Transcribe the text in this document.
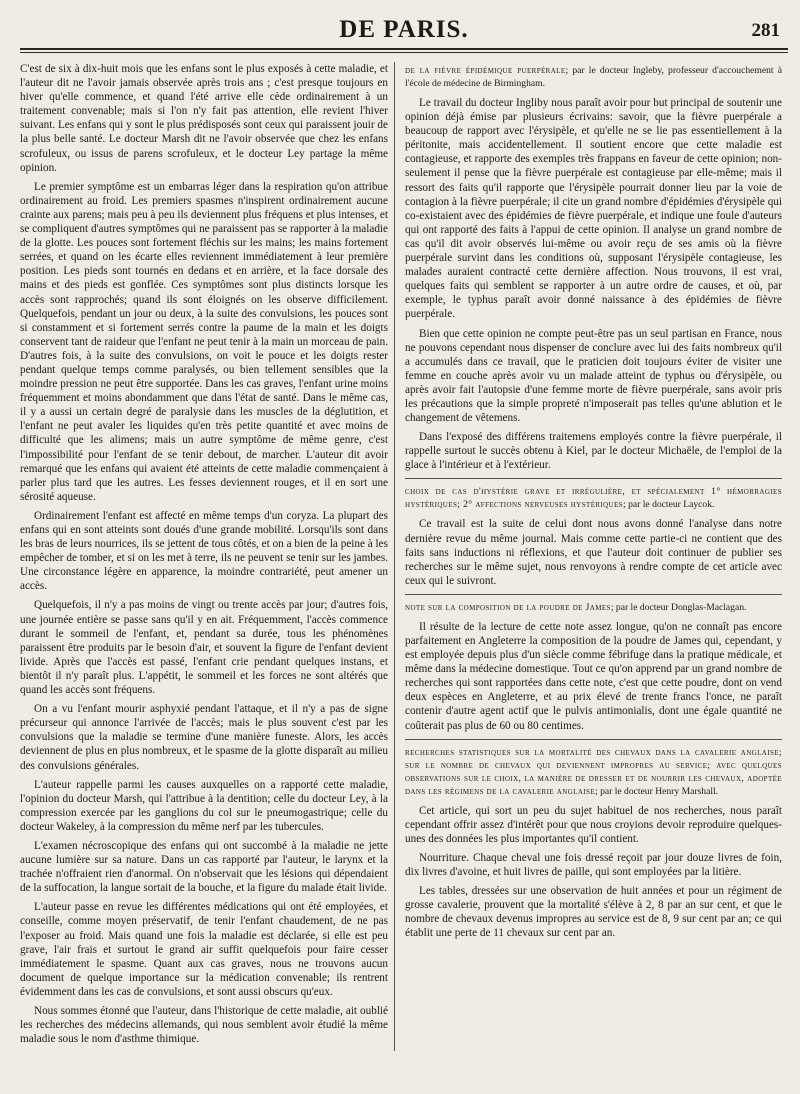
DE PARIS.	281

C'est de six à dix-huit mois que les enfans sont le plus exposés à cette maladie, et l'auteur dit ne l'avoir jamais observée après trois ans ; c'est presque toujours en hiver qu'elle commence, et quand l'été arrive elle cède ordinairement à un traitement convenable; mais si l'on n'y fait pas attention, elle revient l'hiver suivant. Les enfans qui y sont le plus prédisposés sont ceux qui paraissent jouir de la plus belle santé. Le docteur Marsh dit ne l'avoir observée que chez les enfans scrofuleux, ou issus de parens scrofuleux, et le docteur Ley partage la même opinion.

Le premier symptôme est un embarras léger dans la respiration qu'on attribue ordinairement au froid. Les premiers spasmes n'inspirent ordinairement aucune crainte aux parens; mais peu à peu ils deviennent plus fréquens et plus intenses, et se compliquent d'autres symptômes qui ne paraissent pas se rapporter à la maladie de la glotte. Les pouces sont fortement fléchis sur les mains; les mains fortement serrées, et quand on les écarte elles reviennent immédiatement à leur première position. Les pieds sont tournés en dedans et en arrière, et la face dorsale des mains et des pieds est gonflée. Ces symptômes sont plus distincts lorsque les accès sont rapprochés; quand ils sont éloignés on les observe difficilement. Quelquefois, pendant un jour ou deux, à la suite des convulsions, les pouces sont si constamment et si fortement serrés contre la paume de la main et les doigts conservent tant de raideur que l'enfant ne peut tenir à la main un morceau de pain. D'autres fois, à la suite des convulsions, on voit le pouce et les doigts rester pendant quelque temps comme paralysés, ou bien tellement sensibles que la moindre pression ne peut être supportée. Dans les cas graves, l'enfant urine moins fréquemment et moins abondamment que dans l'état de santé. Dans le même cas, il y a aussi un certain degré de paralysie dans les muscles de la déglutition, et l'enfant ne peut avaler les liquides qu'en très petite quantité et avec moins de difficulté que les alimens; mais un autre symptôme de même genre, c'est l'impossibilité pour l'enfant de se tenir debout, de marcher. L'auteur dit avoir remarqué que les enfans qui avaient été atteints de cette maladie commençaient à parler plus tard que les autres. Les fesses deviennent rouges, et il en sort une sérosité aqueuse.

Ordinairement l'enfant est affecté en même temps d'un coryza. La plupart des enfans qui en sont atteints sont doués d'une grande mobilité. Lorsqu'ils sont dans les bras de leurs nourrices, ils se jettent de tous côtés, et on a bien de la peine à les empêcher de tomber, et si on les met à terre, ils ne peuvent se tenir sur les jambes. Une circonstance légère en apparence, la moindre contrariété, peut amener un accès.

Quelquefois, il n'y a pas moins de vingt ou trente accès par jour; d'autres fois, une journée entière se passe sans qu'il y en ait. Fréquemment, l'accès commence durant le sommeil de l'enfant, et, pendant sa durée, tous les phénomènes paraissent être produits par le besoin d'air, et souvent la figure de l'enfant devient livide. Après que l'accès est passé, l'enfant crie pendant quelques instans, et bientôt il n'y paraît plus. L'appétit, le sommeil et les forces ne sont altérés que quand les accès sont fréquens.

On a vu l'enfant mourir asphyxié pendant l'attaque, et il n'y a pas de signe précurseur qui annonce l'arrivée de l'accès; mais le plus souvent c'est par les convulsions que la maladie se termine d'une manière funeste. Alors, les accès deviennent de plus en plus nombreux, et le spasme de la glotte disparaît au milieu des convulsions générales.

L'auteur rappelle parmi les causes auxquelles on a rapporté cette maladie, l'opinion du docteur Marsh, qui l'attribue à la dentition; celle du docteur Ley, à la compression exercée par les ganglions du col sur le pneumogastrique; celle du docteur Wakeley, à la compression du même nerf par les tubercules.

L'examen nécroscopique des enfans qui ont succombé à la maladie ne jette aucune lumière sur sa nature. Dans un cas rapporté par l'auteur, le larynx et la trachée n'offraient rien d'anormal. On n'observait que les lésions qui dépendaient de la suffocation, la langue sortait de la bouche, et la figure du malade était livide.

L'auteur passe en revue les différentes médications qui ont été employées, et conseille, comme moyen préservatif, de tenir l'enfant chaudement, de ne pas l'exposer au froid. Mais quand une fois la maladie est déclarée, si elle est peu grave, l'air frais et surtout le grand air suffit quelquefois pour faire cesser immédiatement le spasme. Quant aux cas graves, nous ne trouvons aucun document de quelque importance sur la médication convenable; ils rentrent évidemment dans les cas de convulsions, et sont aussi obscurs qu'eux.

Nous sommes étonné que l'auteur, dans l'historique de cette maladie, ait oublié les recherches des médecins allemands, qui nous semblent avoir étudié la même maladie sous le nom d'asthme thimique.

de la fièvre épidémique puerpérale; par le docteur Ingleby, professeur d'accouchement à l'école de médecine de Birmingham.

Le travail du docteur Ingliby nous paraît avoir pour but principal de soutenir une opinion déjà émise par plusieurs écrivains: savoir, que la fièvre puerpérale a beaucoup de rapport avec l'érysipèle, et qu'elle ne se lie pas essentiellement à la péritonite, mais accidentellement. Il soutient encore que cette maladie est contagieuse, et rapporte des exemples très frappans en faveur de cette opinion; non-seulement il pense que la fièvre puerpérale est contagieuse par elle-même; mais il ressort des faits qu'il rapporte que l'érysipèle pourrait donner lieu par la voie de contagion à la fièvre puerpérale; il cite un grand nombre d'épidémies d'érysipèle qui co-existaient avec des épidémies de fièvre puerpérale, et indique une foule d'auteurs qui ont rapporté des faits à l'appui de cette opinion. Il analyse un grand nombre de cas qu'il dit avoir observés lui-même ou avoir reçu de ses amis où la fièvre puerpérale survint dans les conditions où, supposant l'érysipèle contagieuse, les malades auraient contracté cette dernière affection. Nous trouvons, il est vrai, quelques faits qui semblent se rapporter à un autre ordre de causes, et où, par exemple, le typhus paraît avoir donné naissance à des épidémies de fièvre puerpérale.

Bien que cette opinion ne compte peut-être pas un seul partisan en France, nous ne pouvons cependant nous dispenser de conclure avec lui des faits nombreux qu'il a accumulés dans ce travail, que le praticien doit toujours éviter de visiter une femme en couche après avoir vu un malade atteint de typhus ou d'érysipèle, ou après avoir fait l'autopsie d'une femme morte de fièvre puerpérale, sans avoir pris les précautions que la simple propreté n'imposerait pas telles qu'une ablution et le changement de vêtemens.

Dans l'exposé des différens traitemens employés contre la fièvre puerpérale, il rappelle surtout le succès obtenu à Kiel, par le docteur Michaële, de l'emploi de la glace à l'intérieur et à l'extérieur.

choix de cas d'hystérie grave et irrégulière, et spécialement 1° hémorragies hystériques; 2° affections nerveuses hystériques; par le docteur Laycok.

Ce travail est la suite de celui dont nous avons donné l'analyse dans notre dernière revue du même journal. Mais comme cette partie-ci ne contient que des faits sans inductions ni réflexions, et que l'auteur doit continuer de publier ses recherches sur le même sujet, nous renvoyons à rendre compte de cet article avec ceux qui le suivront.

note sur la composition de la poudre de James; par le docteur Donglas-Maclagan.

Il résulte de la lecture de cette note assez longue, qu'on ne connaît pas encore parfaitement en Angleterre la composition de la poudre de James qui, cependant, y est employée depuis plus d'un siècle comme fébrifuge dans la pratique médicale, et même dans la médecine domestique. Tout ce qu'on apprend par un grand nombre de recherches qui sont rapportées dans cette note, c'est que cette poudre, dont on vend deux espèces en Angleterre, et au prix élevé de trente francs l'once, ne paraît contenir d'autre agent actif que le pulvis antimonialis, dont une égale quantité ne coûterait pas plus de 60 ou 80 centimes.

recherches statistiques sur la mortalité des chevaux dans la cavalerie anglaise; sur le nombre de chevaux qui deviennent impropres au service; avec quelques observations sur le choix, la manière de dresser et de nourrir les chevaux, adoptée dans les régimens de la cavalerie anglaise; par le docteur Henry Marshall.

Cet article, qui sort un peu du sujet habituel de nos recherches, nous paraît cependant offrir assez d'intérêt pour que nous croyions devoir reproduire quelques-unes des données les plus importantes qu'il contient.

Nourriture. Chaque cheval une fois dressé reçoit par jour douze livres de foin, dix livres d'avoine, et huit livres de paille, qui sont employées par la litière.

Les tables, dressées sur une observation de huit années et pour un régiment de grosse cavalerie, prouvent que la mortalité s'élève à 2, 8 par an sur cent, et que le nombre de chevaux devenus impropres au service est de 8, 9 sur cent par an; ce qui établit une perte de 11 chevaux sur cent par an.
